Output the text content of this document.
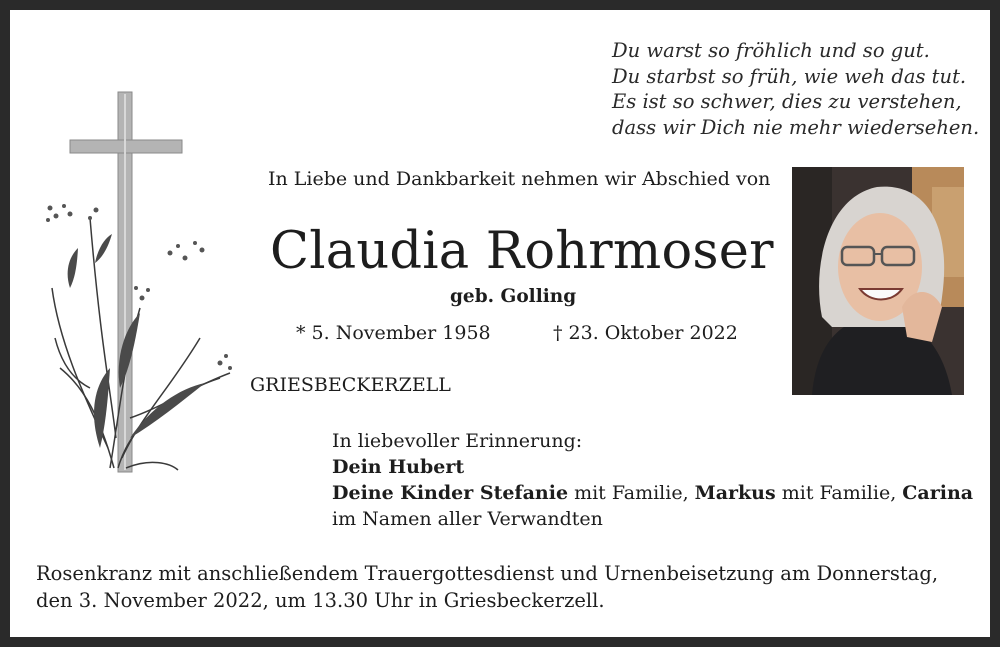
Du warst so fröhlich und so gut.
Du starbst so früh, wie weh das tut.
Es ist so schwer, dies zu verstehen,
dass wir Dich nie mehr wiedersehen.
In Liebe und Dankbarkeit nehmen wir Abschied von
Claudia Rohrmoser
geb. Golling
* 5. November 1958	† 23. Oktober 2022
GRIESBECKERZELL
In liebevoller Erinnerung:
Dein Hubert
Deine Kinder Stefanie mit Familie, Markus mit Familie, Carina
im Namen aller Verwandten
Rosenkranz mit anschließendem Trauergottesdienst und Urnenbeisetzung am Donnerstag,
den 3. November 2022, um 13.30 Uhr in Griesbeckerzell.
